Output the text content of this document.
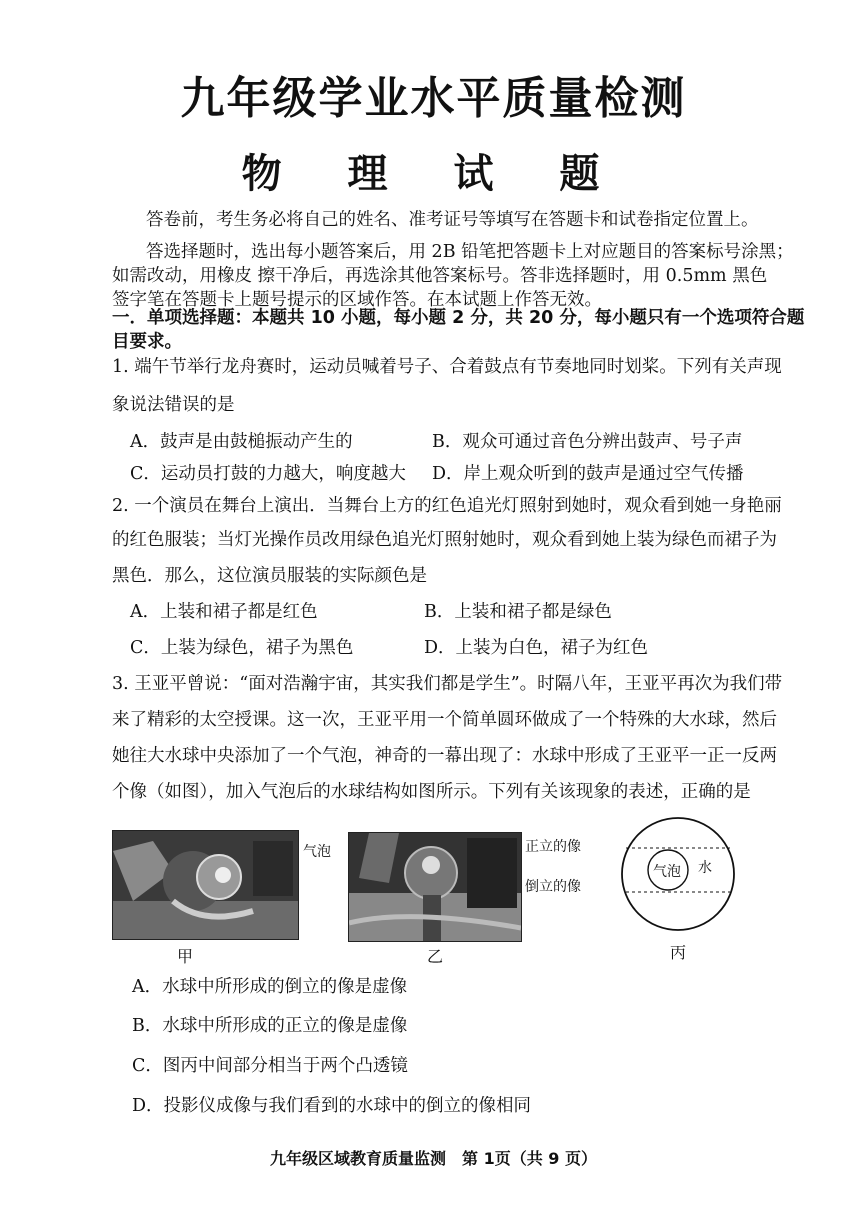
九年级学业水平质量检测
物 理 试 题
答卷前，考生务必将自己的姓名、准考证号等填写在答题卡和试卷指定位置上。
答选择题时，选出每小题答案后，用 2B 铅笔把答题卡上对应题目的答案标号涂黑；
如需改动，用橡皮 擦干净后，再选涂其他答案标号。答非选择题时，用 0.5mm 黑色
签字笔在答题卡上题号提示的区域作答。在本试题上作答无效。
一．单项选择题：本题共 10 小题，每小题 2 分，共 20 分，每小题只有一个选项符合题
目要求。
1. 端午节举行龙舟赛时，运动员喊着号子、合着鼓点有节奏地同时划桨。下列有关声现
象说法错误的是
A．鼓声是由鼓槌振动产生的	B．观众可通过音色分辨出鼓声、号子声
C．运动员打鼓的力越大，响度越大 D．岸上观众听到的鼓声是通过空气传播
2. 一个演员在舞台上演出．当舞台上方的红色追光灯照射到她时，观众看到她一身艳丽
的红色服装；当灯光操作员改用绿色追光灯照射她时，观众看到她上装为绿色而裙子为
黑色．那么，这位演员服装的实际颜色是
A．上装和裙子都是红色	B．上装和裙子都是绿色
C．上装为绿色，裙子为黑色	D．上装为白色，裙子为红色
3. 王亚平曾说：“面对浩瀚宇宙，其实我们都是学生”。时隔八年，王亚平再次为我们带
来了精彩的太空授课。这一次，王亚平用一个简单圆环做成了一个特殊的大水球，然后
她往大水球中央添加了一个气泡，神奇的一幕出现了：水球中形成了王亚平一正一反两
个像（如图），加入气泡后的水球结构如图所示。下列有关该现象的表述，正确的是
气泡
甲
正立的像
倒立的像
乙
气泡 水
丙
A．水球中所形成的倒立的像是虚像
B．水球中所形成的正立的像是虚像
C．图丙中间部分相当于两个凸透镜
D．投影仪成像与我们看到的水球中的倒立的像相同
九年级区域教育质量监测　第 1页（共 9 页）
